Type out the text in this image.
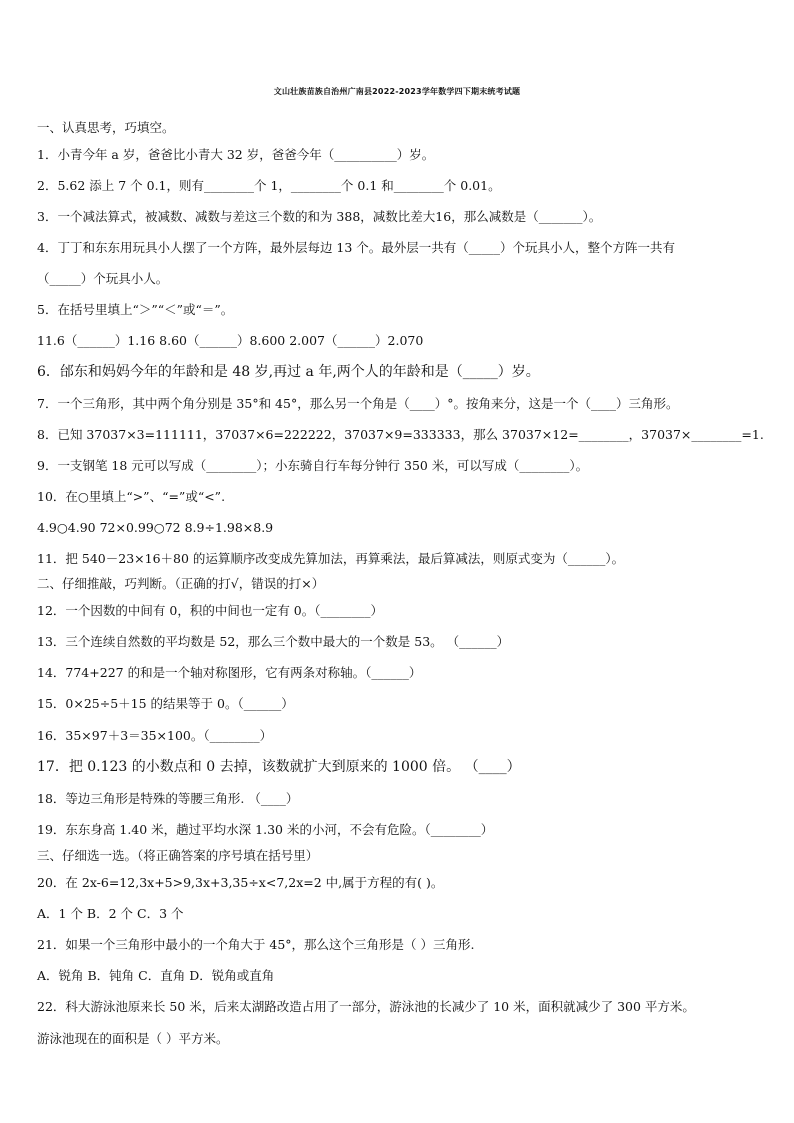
文山壮族苗族自治州广南县2022-2023学年数学四下期末统考试题
一、认真思考，巧填空。
1．小青今年 a 岁，爸爸比小青大 32 岁，爸爸今年（__________）岁。
2．5.62 添上 7 个 0.1，则有________个 1，________个 0.1 和________个 0.01。
3．一个减法算式，被减数、减数与差这三个数的和为 388，减数比差大16，那么减数是（_______）。
4．丁丁和东东用玩具小人摆了一个方阵，最外层每边 13 个。最外层一共有（_____）个玩具小人，整个方阵一共有
（_____）个玩具小人。
5．在括号里填上“＞”“＜”或“＝”。
11.6（______）1.16 8.60（______）8.600 2.007（______）2.070
6．邰东和妈妈今年的年龄和是 48 岁,再过 a 年,两个人的年龄和是（_____）岁。
7．一个三角形，其中两个角分别是 35°和 45°，那么另一个角是（____）°。按角来分，这是一个（____）三角形。
8．已知 37037×3=111111，37037×6=222222，37037×9=333333，那么 37037×12=________，37037×________=1.
9．一支钢笔 18 元可以写成（________）；小东骑自行车每分钟行 350 米，可以写成（________）。
10．在○里填上“>”、“=”或“<”.
4.9○4.90 72×0.99○72 8.9÷1.98×8.9
11．把 540－23×16＋80 的运算顺序改变成先算加法，再算乘法，最后算减法，则原式变为（______）。
二、仔细推敲，巧判断。（正确的打√，错误的打×）
12．一个因数的中间有 0，积的中间也一定有 0。（________）
13．三个连续自然数的平均数是 52，那么三个数中最大的一个数是 53。 （______）
14．774+227 的和是一个轴对称图形，它有两条对称轴。（______）
15．0×25÷5＋15 的结果等于 0。（______）
16．35×97＋3＝35×100。（________）
17．把 0.123 的小数点和 0 去掉，该数就扩大到原来的 1000 倍。 （____）
18．等边三角形是特殊的等腰三角形. （____）
19．东东身高 1.40 米，趟过平均水深 1.30 米的小河，不会有危险。（________）
三、仔细选一选。（将正确答案的序号填在括号里）
20．在 2x-6=12,3x+5>9,3x+3,35÷x<7,2x=2 中,属于方程的有( )。
A．1 个 B．2 个 C．3 个
21．如果一个三角形中最小的一个角大于 45°，那么这个三角形是（ ）三角形.
A．锐角 B．钝角 C．直角 D．锐角或直角
22．科大游泳池原来长 50 米，后来太湖路改造占用了一部分，游泳池的长减少了 10 米，面积就减少了 300 平方米。
游泳池现在的面积是（ ）平方米。
